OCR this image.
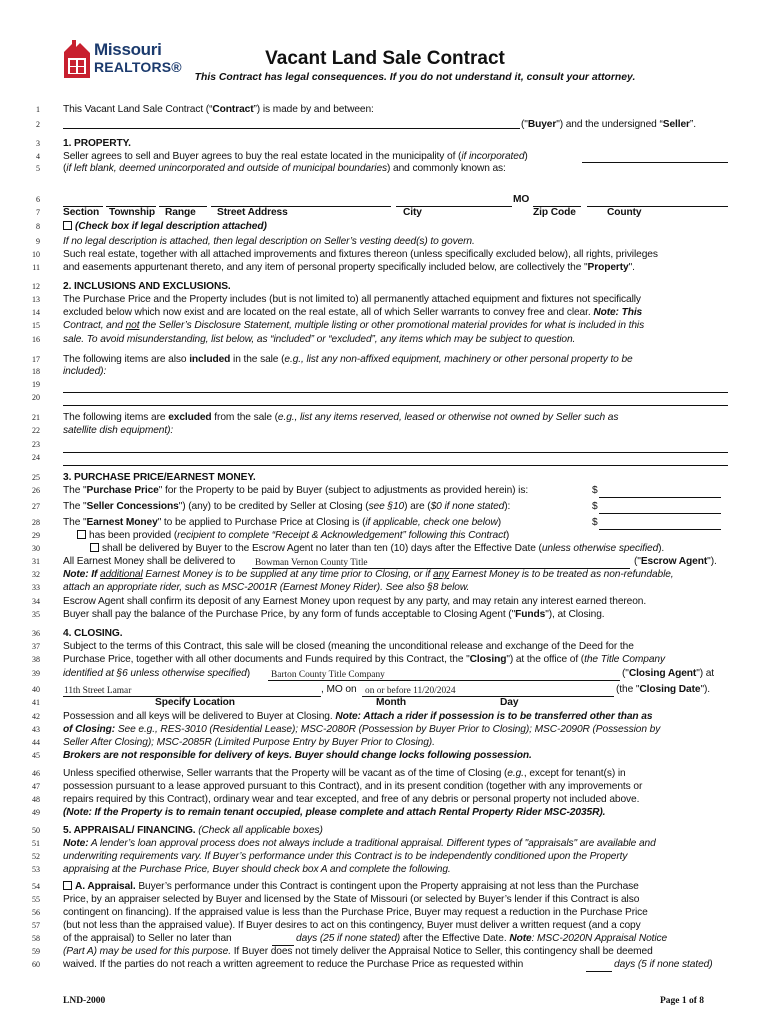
Missouri
REALTORS®	Vacant Land Sale Contract
This Contract has legal consequences. If you do not understand it, consult your attorney.
1
2
3
4
5
6
7
8
9
10
11
12
13
14
15
16
17
18
19
20
21
22
23
24
25
26
27
28
29
30
31
32
33
34
35
36
37
38
39
40
41
42
43
44
45
46
47
48
49
50
51
52
53
54
55
56
57
58
59
60
This Vacant Land Sale Contract (“Contract”) is made by and between:
("Buyer") and the undersigned “Seller”.
1. PROPERTY.
Seller agrees to sell and Buyer agrees to buy the real estate located in the municipality of (if incorporated)
(if left blank, deemed unincorporated and outside of municipal boundaries) and commonly known as:
MO
Section Township Range	Street Address	City	Zip Code	County
(Check box if legal description attached)
If no legal description is attached, then legal description on Seller’s vesting deed(s) to govern.
Such real estate, together with all attached improvements and fixtures thereon (unless specifically excluded below), all rights, privileges
and easements appurtenant thereto, and any item of personal property specifically included below, are collectively the "Property".
2. INCLUSIONS AND EXCLUSIONS.
The Purchase Price and the Property includes (but is not limited to) all permanently attached equipment and fixtures not specifically
excluded below which now exist and are located on the real estate, all of which Seller warrants to convey free and clear. Note: This
Contract, and not the Seller’s Disclosure Statement, multiple listing or other promotional material provides for what is included in this
sale. To avoid misunderstanding, list below, as “included” or “excluded”, any items which may be subject to question.
The following items are also included in the sale (e.g., list any non-affixed equipment, machinery or other personal property to be
included):
The following items are excluded from the sale (e.g., list any items reserved, leased or otherwise not owned by Seller such as
satellite dish equipment):
3. PURCHASE PRICE/EARNEST MONEY.
The "Purchase Price" for the Property to be paid by Buyer (subject to adjustments as provided herein) is:	$
The "Seller Concessions") (any) to be credited by Seller at Closing (see §10) are ($0 if none stated):	$
The "Earnest Money" to be applied to Purchase Price at Closing is (if applicable, check one below)	$
has been provided (recipient to complete “Receipt & Acknowledgement” following this Contract)
shall be delivered by Buyer to the Escrow Agent no later than ten (10) days after the Effective Date (unless otherwise specified).
All Earnest Money shall be delivered to	Bowman Vernon County Title	("Escrow Agent").
Note: If additional Earnest Money is to be supplied at any time prior to Closing, or if any Earnest Money is to be treated as non-refundable,
attach an appropriate rider, such as MSC-2001R (Earnest Money Rider). See also §8 below.
Escrow Agent shall confirm its deposit of any Earnest Money upon request by any party, and may retain any interest earned thereon.
Buyer shall pay the balance of the Purchase Price, by any form of funds acceptable to Closing Agent ("Funds"), at Closing.
4. CLOSING.
Subject to the terms of this Contract, this sale will be closed (meaning the unconditional release and exchange of the Deed for the
Purchase Price, together with all other documents and Funds required by this Contract, the "Closing") at the office of (the Title Company
identified at §6 unless otherwise specified)	Barton County Title Company	("Closing Agent") at
11th Street Lamar	, MO on on or before 11/20/2024	(the "Closing Date").
Specify Location	Month	Day
Possession and all keys will be delivered to Buyer at Closing. Note: Attach a rider if possession is to be transferred other than as
of Closing: See e.g., RES-3010 (Residential Lease); MSC-2080R (Possession by Buyer Prior to Closing); MSC-2090R (Possession by
Seller After Closing); MSC-2085R (Limited Purpose Entry by Buyer Prior to Closing).
Brokers are not responsible for delivery of keys. Buyer should change locks following possession.
Unless specified otherwise, Seller warrants that the Property will be vacant as of the time of Closing (e.g., except for tenant(s) in
possession pursuant to a lease approved pursuant to this Contract), and in its present condition (together with any improvements or
repairs required by this Contract), ordinary wear and tear excepted, and free of any debris or personal property not included above.
(Note: If the Property is to remain tenant occupied, please complete and attach Rental Property Rider MSC-2035R).
5. APPRAISAL/ FINANCING. (Check all applicable boxes)
Note: A lender’s loan approval process does not always include a traditional appraisal. Different types of "appraisals" are available and
underwriting requirements vary. If Buyer’s performance under this Contract is to be independently conditioned upon the Property
appraising at the Purchase Price, Buyer should check box A and complete the following.
A. Appraisal. Buyer’s performance under this Contract is contingent upon the Property appraising at not less than the Purchase
Price, by an appraiser selected by Buyer and licensed by the State of Missouri (or selected by Buyer’s lender if this Contract is also
contingent on financing). If the appraised value is less than the Purchase Price, Buyer may request a reduction in the Purchase Price
(but not less than the appraised value). If Buyer desires to act on this contingency, Buyer must deliver a written request (and a copy
of the appraisal) to Seller no later than	days (25 if none stated) after the Effective Date. Note: MSC-2020N Appraisal Notice
(Part A) may be used for this purpose. If Buyer does not timely deliver the Appraisal Notice to Seller, this contingency shall be deemed
waived. If the parties do not reach a written agreement to reduce the Purchase Price as requested within	days (5 if none stated)
LND-2000	Page 1 of 8
